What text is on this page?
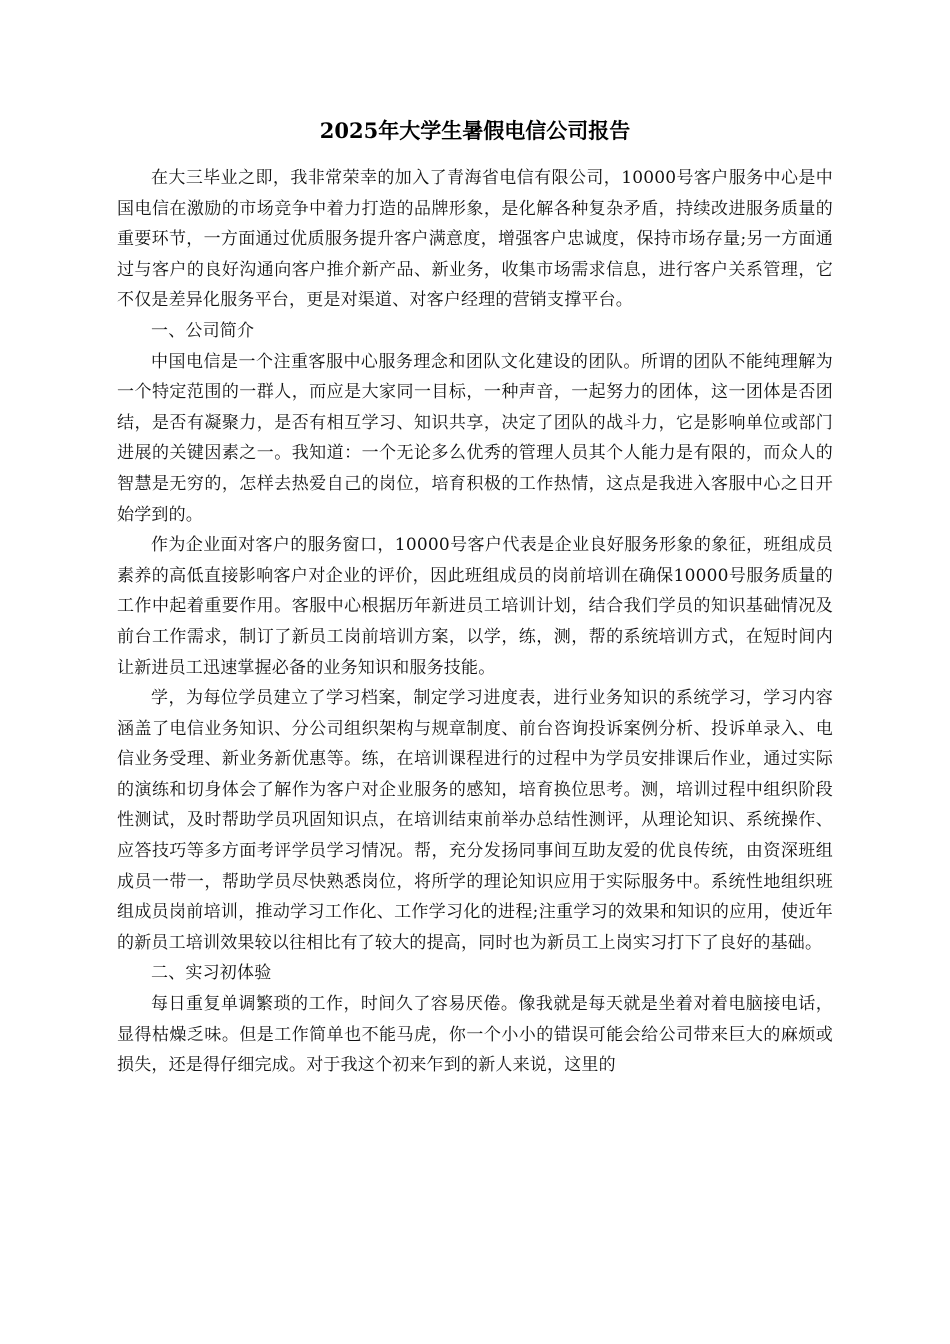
2025年大学生暑假电信公司报告

在大三毕业之即，我非常荣幸的加入了青海省电信有限公司，10000号客户服务中心是中国电信在激励的市场竞争中着力打造的品牌形象，是化解各种复杂矛盾，持续改进服务质量的重要环节，一方面通过优质服务提升客户满意度，增强客户忠诚度，保持市场存量;另一方面通过与客户的良好沟通向客户推介新产品、新业务，收集市场需求信息，进行客户关系管理，它不仅是差异化服务平台，更是对渠道、对客户经理的营销支撑平台。

一、公司简介

中国电信是一个注重客服中心服务理念和团队文化建设的团队。所谓的团队不能纯理解为一个特定范围的一群人，而应是大家同一目标，一种声音，一起努力的团体，这一团体是否团结，是否有凝聚力，是否有相互学习、知识共享，决定了团队的战斗力，它是影响单位或部门进展的关键因素之一。我知道：一个无论多么优秀的管理人员其个人能力是有限的，而众人的智慧是无穷的，怎样去热爱自己的岗位，培育积极的工作热情，这点是我进入客服中心之日开始学到的。

作为企业面对客户的服务窗口，10000号客户代表是企业良好服务形象的象征，班组成员素养的高低直接影响客户对企业的评价，因此班组成员的岗前培训在确保10000号服务质量的工作中起着重要作用。客服中心根据历年新进员工培训计划，结合我们学员的知识基础情况及前台工作需求，制订了新员工岗前培训方案，以学，练，测，帮的系统培训方式，在短时间内让新进员工迅速掌握必备的业务知识和服务技能。

学，为每位学员建立了学习档案，制定学习进度表，进行业务知识的系统学习，学习内容涵盖了电信业务知识、分公司组织架构与规章制度、前台咨询投诉案例分析、投诉单录入、电信业务受理、新业务新优惠等。练，在培训课程进行的过程中为学员安排课后作业，通过实际的演练和切身体会了解作为客户对企业服务的感知，培育换位思考。测，培训过程中组织阶段性测试，及时帮助学员巩固知识点，在培训结束前举办总结性测评，从理论知识、系统操作、应答技巧等多方面考评学员学习情况。帮，充分发扬同事间互助友爱的优良传统，由资深班组成员一带一，帮助学员尽快熟悉岗位，将所学的理论知识应用于实际服务中。系统性地组织班组成员岗前培训，推动学习工作化、工作学习化的进程;注重学习的效果和知识的应用，使近年的新员工培训效果较以往相比有了较大的提高，同时也为新员工上岗实习打下了良好的基础。

二、实习初体验

每日重复单调繁琐的工作，时间久了容易厌倦。像我就是每天就是坐着对着电脑接电话，显得枯燥乏味。但是工作简单也不能马虎，你一个小小的错误可能会给公司带来巨大的麻烦或损失，还是得仔细完成。对于我这个初来乍到的新人来说，这里的
